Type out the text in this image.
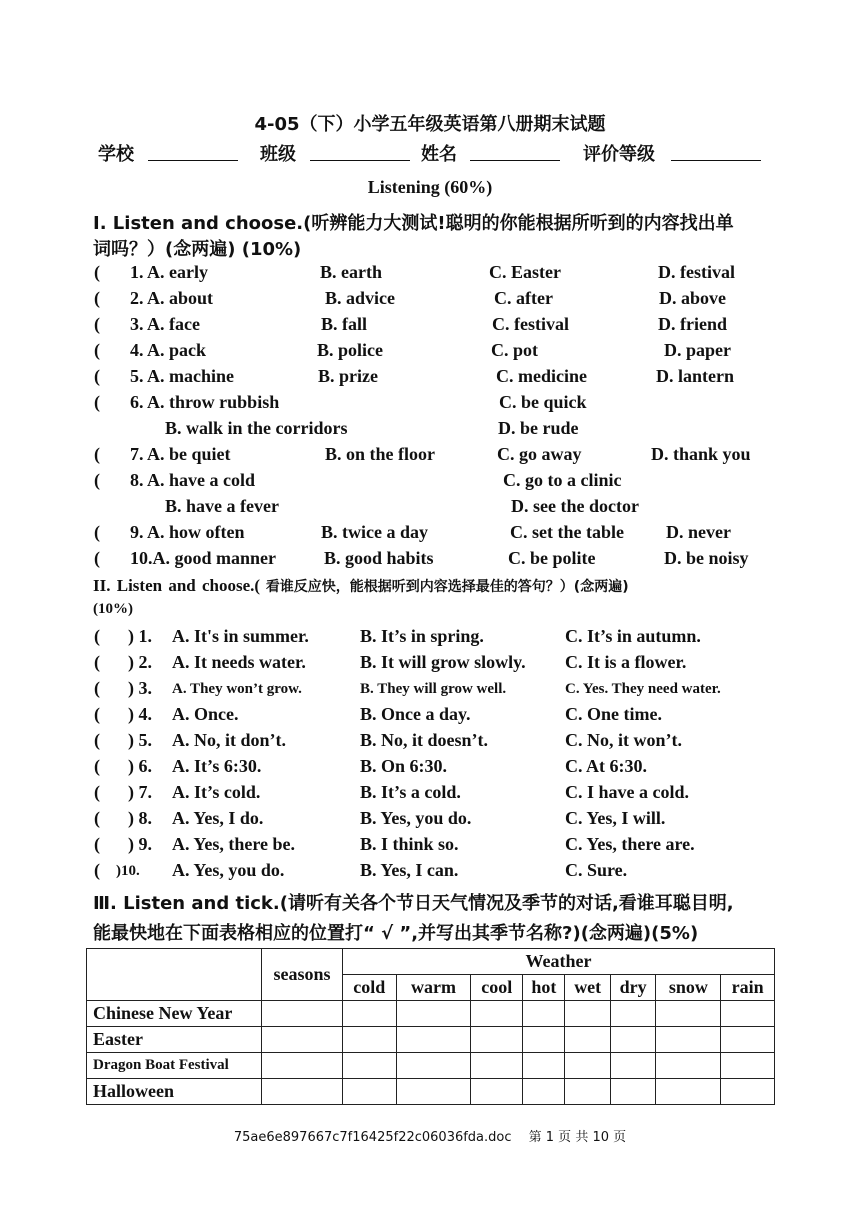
4-05（下）小学五年级英语第八册期末试题
学校	班级	姓名	评价等级
Listening (60%)
Ⅰ. Listen and choose.(听辨能力大测试!聪明的你能根据所听到的内容找出单
词吗？）(念两遍) (10%)
( 1. A. early	B. earth	C. Easter	D. festival
( 2. A. about	B. advice	C. after	D. above
( 3. A. face	B. fall	C. festival	D. friend
( 4. A. pack	B. police	C. pot	D. paper
( 5. A. machine	B. prize	C. medicine	D. lantern
( 6. A. throw rubbish	C. be quick
B. walk in the corridors	D. be rude
( 7. A. be quiet	B. on the floor	C. go away	D. thank you
( 8. A. have a cold	C. go to a clinic
B. have a fever	D. see the doctor
( 9. A. how often	B. twice a day	C. set the table D. never
( 10.A. good manner	B. good habits	C. be polite	D. be noisy
II. Listen and choose.( 看谁反应快，能根据听到内容选择最佳的答句？）(念两遍)
(10%)
( ) 1. A. It's in summer.	B. It’s in spring.	C. It’s in autumn.
( ) 2. A. It needs water.	B. It will grow slowly. C. It is a flower.
( ) 3. A. They won’t grow.	B. They will grow well.	C. Yes. They need water.
( ) 4. A. Once.	B. Once a day.	C. One time.
( ) 5. A. No, it don’t.	B. No, it doesn’t.	C. No, it won’t.
( ) 6. A. It’s 6:30.	B. On 6:30.	C. At 6:30.
( ) 7. A. It’s cold.	B. It’s a cold.	C. I have a cold.
( ) 8. A. Yes, I do.	B. Yes, you do.	C. Yes, I will.
( ) 9. A. Yes, there be.	B. I think so.	C. Yes, there are.
( )10. A. Yes, you do.	B. Yes, I can.	C. Sure.
Ⅲ. Listen and tick.(请听有关各个节日天气情况及季节的对话,看谁耳聪目明,
能最快地在下面表格相应的位置打“ √ ”,并写出其季节名称?)(念两遍)(5%)
	seasons	Weather							
		cold	warm	cool	hot	wet	dry	snow	rain
Chinese New Year									
Easter									
Dragon Boat Festival									
Halloween									
75ae6e897667c7f16425f22c06036fda.doc　 第 1 页 共 10 页
